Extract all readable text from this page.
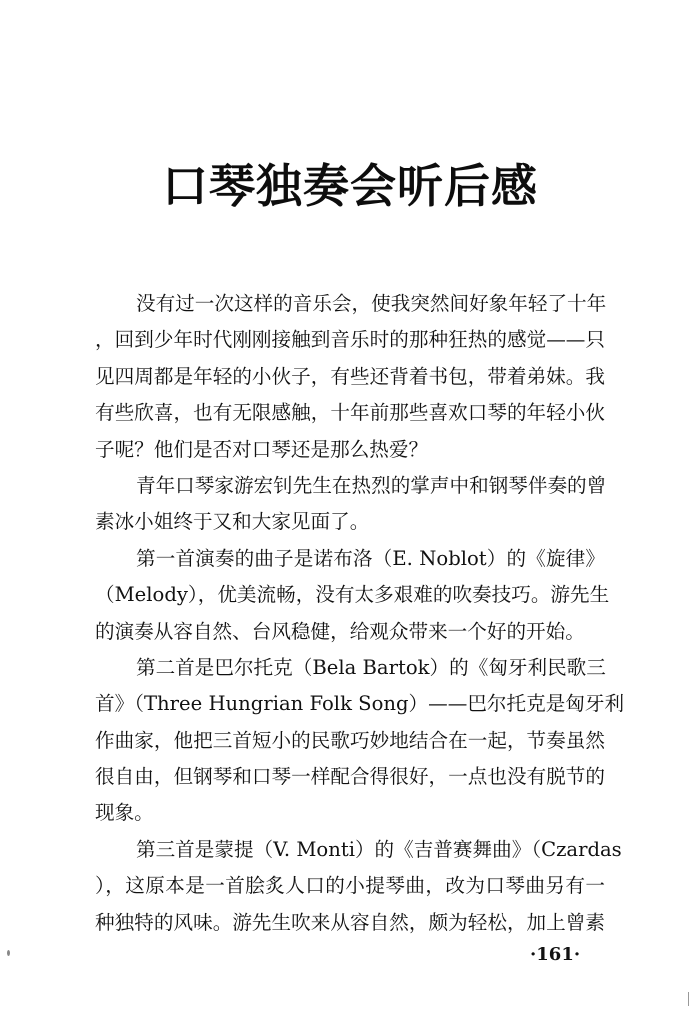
口琴独奏会听后感
没有过一次这样的音乐会，使我突然间好象年轻了十年
，回到少年时代刚刚接触到音乐时的那种狂热的感觉——只
见四周都是年轻的小伙子，有些还背着书包，带着弟妹。我
有些欣喜，也有无限感触，十年前那些喜欢口琴的年轻小伙
子呢？他们是否对口琴还是那么热爱？
青年口琴家游宏钊先生在热烈的掌声中和钢琴伴奏的曾
素冰小姐终于又和大家见面了。
第一首演奏的曲子是诺布洛（E. Noblot）的《旋律》
（Melody），优美流畅，没有太多艰难的吹奏技巧。游先生
的演奏从容自然、台风稳健，给观众带来一个好的开始。
第二首是巴尔托克（Bela Bartok）的《匈牙利民歌三
首》（Three Hungrian Folk Song）——巴尔托克是匈牙利
作曲家，他把三首短小的民歌巧妙地结合在一起，节奏虽然
很自由，但钢琴和口琴一样配合得很好，一点也没有脱节的
现象。
第三首是蒙提（V. Monti）的《吉普赛舞曲》（Czardas
），这原本是一首脍炙人口的小提琴曲，改为口琴曲另有一
种独特的风味。游先生吹来从容自然，颇为轻松，加上曾素
·161·
